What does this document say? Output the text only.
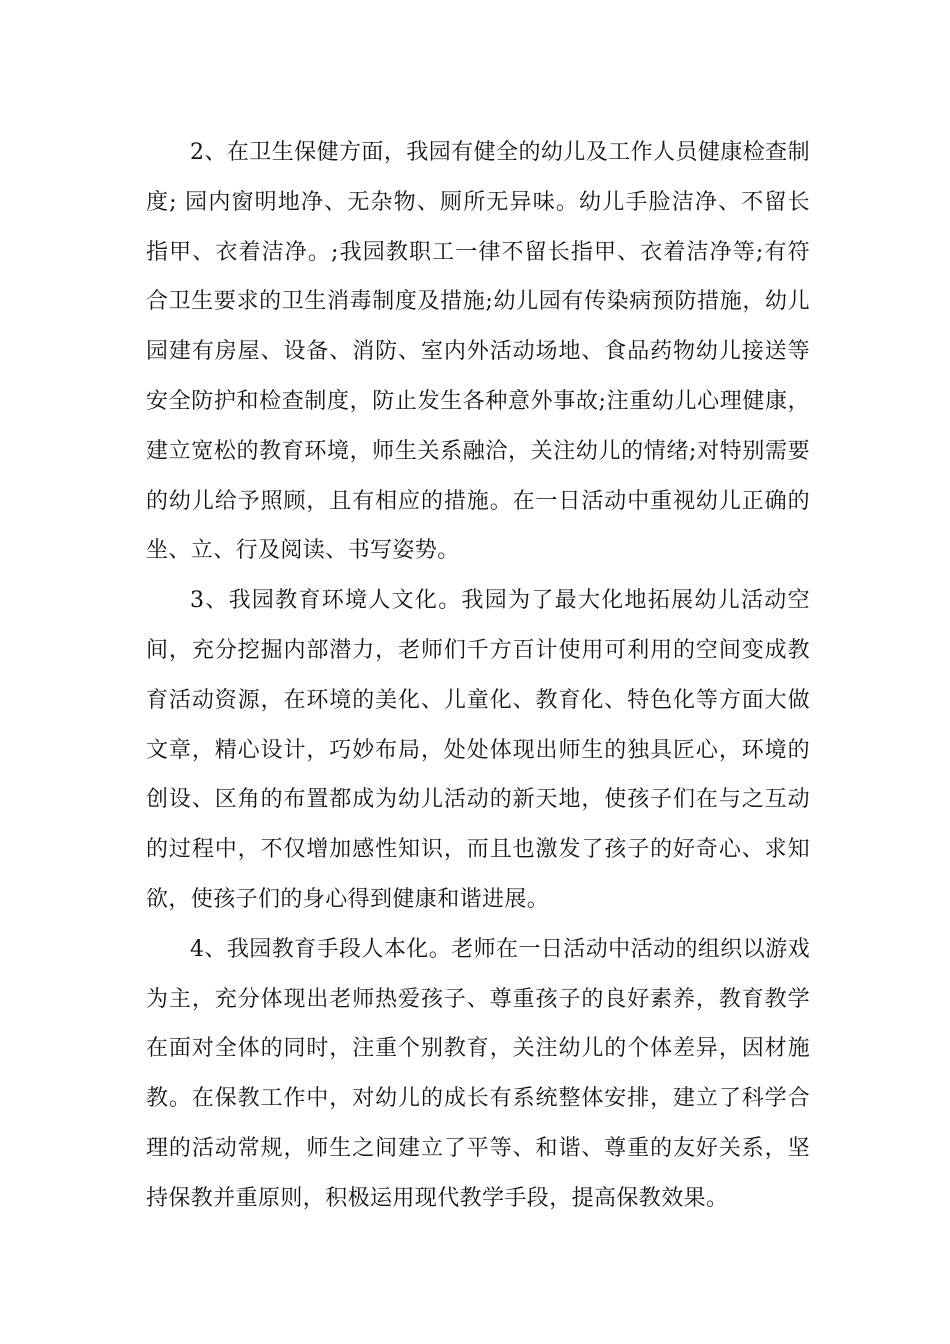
2、在卫生保健方面，我园有健全的幼儿及工作人员健康检查制度; 园内窗明地净、无杂物、厕所无异味。幼儿手脸洁净、不留长指甲、衣着洁净。;我园教职工一律不留长指甲、衣着洁净等;有符合卫生要求的卫生消毒制度及措施;幼儿园有传染病预防措施，幼儿园建有房屋、设备、消防、室内外活动场地、食品药物幼儿接送等安全防护和检查制度，防止发生各种意外事故;注重幼儿心理健康，建立宽松的教育环境，师生关系融洽，关注幼儿的情绪;对特别需要的幼儿给予照顾，且有相应的措施。在一日活动中重视幼儿正确的坐、立、行及阅读、书写姿势。

3、我园教育环境人文化。我园为了最大化地拓展幼儿活动空间，充分挖掘内部潜力，老师们千方百计使用可利用的空间变成教育活动资源，在环境的美化、儿童化、教育化、特色化等方面大做文章，精心设计，巧妙布局，处处体现出师生的独具匠心，环境的创设、区角的布置都成为幼儿活动的新天地，使孩子们在与之互动的过程中，不仅增加感性知识，而且也激发了孩子的好奇心、求知欲，使孩子们的身心得到健康和谐进展。

4、我园教育手段人本化。老师在一日活动中活动的组织以游戏为主，充分体现出老师热爱孩子、尊重孩子的良好素养，教育教学在面对全体的同时，注重个别教育，关注幼儿的个体差异，因材施教。在保教工作中，对幼儿的成长有系统整体安排，建立了科学合理的活动常规，师生之间建立了平等、和谐、尊重的友好关系，坚持保教并重原则，积极运用现代教学手段，提高保教效果。
